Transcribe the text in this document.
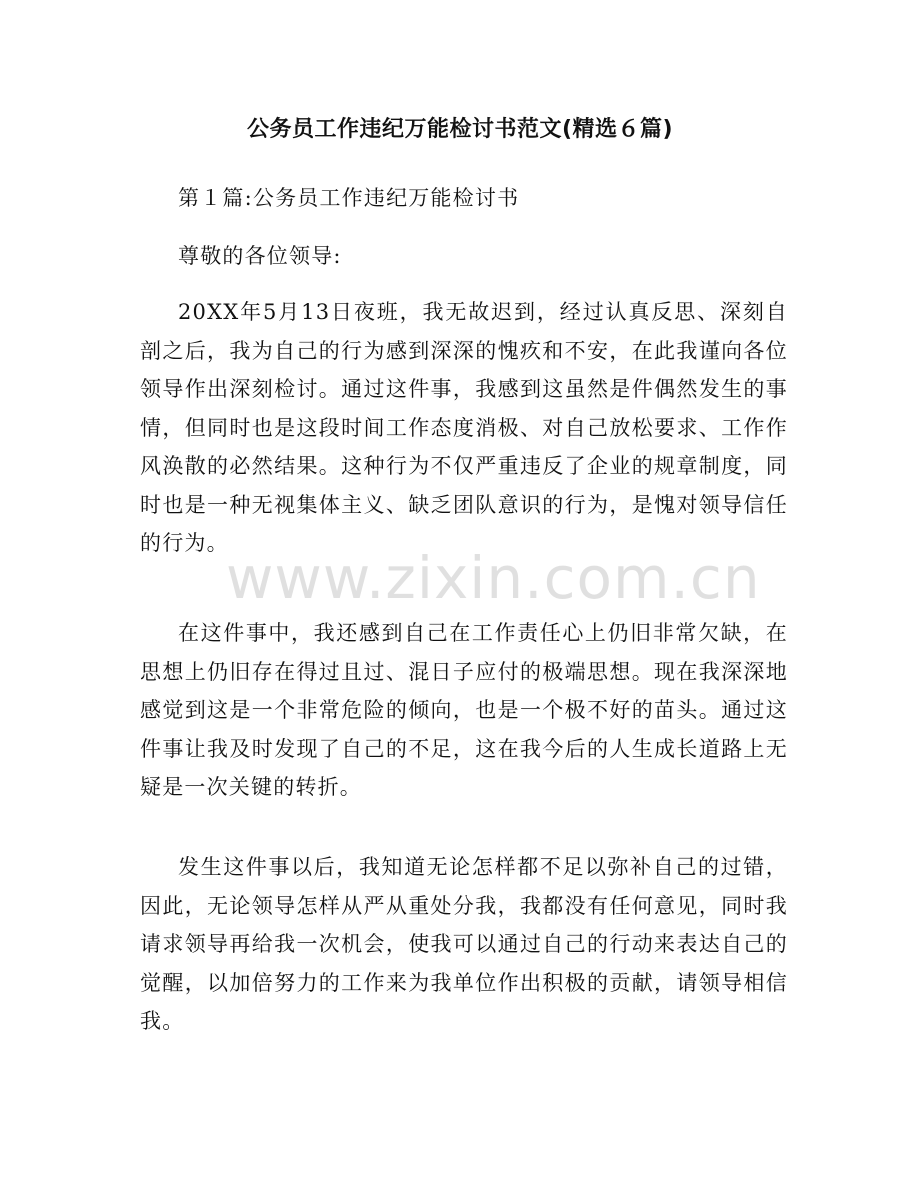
公务员工作违纪万能检讨书范文(精选６篇)

第１篇:公务员工作违纪万能检讨书

尊敬的各位领导:

20XX年5月13日夜班，我无故迟到，经过认真反思、深刻自剖之后，我为自己的行为感到深深的愧疚和不安，在此我谨向各位领导作出深刻检讨。通过这件事，我感到这虽然是件偶然发生的事情，但同时也是这段时间工作态度消极、对自己放松要求、工作作风涣散的必然结果。这种行为不仅严重违反了企业的规章制度，同时也是一种无视集体主义、缺乏团队意识的行为，是愧对领导信任的行为。

在这件事中，我还感到自己在工作责任心上仍旧非常欠缺，在思想上仍旧存在得过且过、混日子应付的极端思想。现在我深深地感觉到这是一个非常危险的倾向，也是一个极不好的苗头。通过这件事让我及时发现了自己的不足，这在我今后的人生成长道路上无疑是一次关键的转折。

发生这件事以后，我知道无论怎样都不足以弥补自己的过错，因此，无论领导怎样从严从重处分我，我都没有任何意见，同时我请求领导再给我一次机会，使我可以通过自己的行动来表达自己的觉醒，以加倍努力的工作来为我单位作出积极的贡献，请领导相信我。

www.zixin.com.cn
